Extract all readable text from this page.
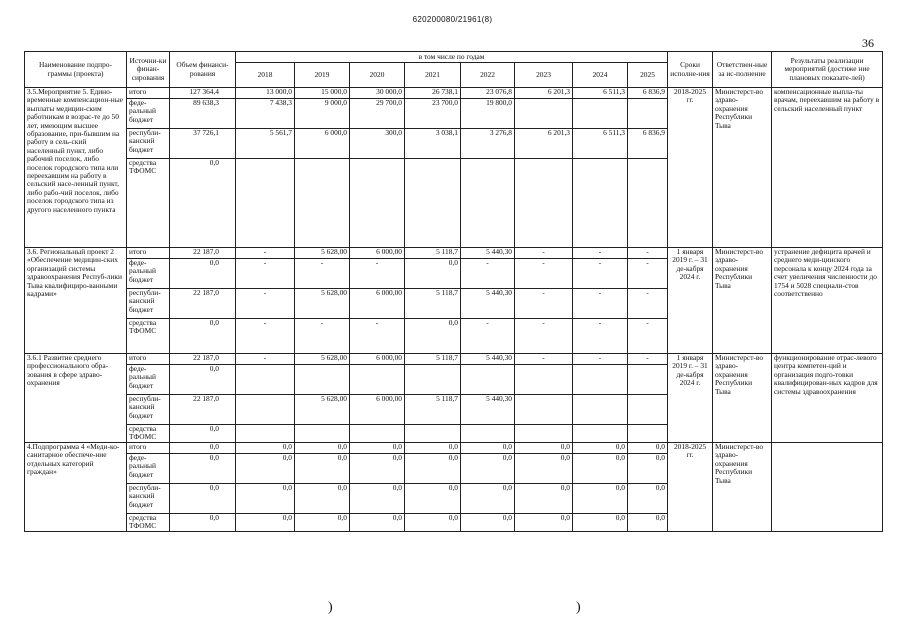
620200080/21961(8)
36
Наименование подпро-граммы (проекта)	Источни-ки финан-сирования	Объем финанси-рования	в том числе по годам								Сроки исполне-ния	Ответствен-ные за ис-полнение	Результаты реализации мероприятий (достиже ние плановых показате-лей)
			2018	2019	2020	2021	2022	2023	2024	2025			
3.5.Мероприятие 5. Едино-временные компенсацион-ные выплаты медицин-ским работникам в возрас-те до 50 лет, имеющим высшее образование, при-бывшим на работу в сель-ский населенный пункт, либо рабочий поселок, либо поселок городского типа или переехавшим на работу в сельский насе-ленный пункт, либо рабо-чий поселок, либо поселок городского типа из другого населенного пункта	итого	127 364,4	13 000,0	15 000,0	30 000,0	26 738,1	23 076,8	6 201,3	6 511,3	6 836,9	2018-2025 гг.	Министерст-во здраво-охранения Республики Тыва	компенсационные выпла-ты врачам, переехавшим на работу в сельский населенный пункт
	феде-ральный бюджет	89 638,3	7 438,3	9 000,0	29 700,0	23 700,0	19 800,0						
	республи-канский бюджет	37 726,1	5 561,7	6 000,0	300,0	3 038,1	3 276,8	6 201,3	6 511,3	6 836,9			
	средства ТФОМС	0,0											
3.6. Региональный проект 2 «Обеспечение медицин-ских организаций системы здравоохранения Респуб-лики Тыва квалифициро-ванными кадрами»	итого	22 187,0	-	5 628,00	6 000,00	5 118,7	5 440,30	-	-	-	1 января 2019 г. – 31 де-кабря 2024 г.	Министерст-во здраво-охранения Республики Тыва	устранение дефицита врачей и среднего меди-цинского персонала к концу 2024 года за счет увеличения численности до 1754 и 5028 специали-стов соответственно
	феде-ральный бюджет	0,0	-	-	-	0,0	-	-	-	-			
	республи-канский бюджет	22 187,0	-	5 628,00	6 000,00	5 118,7	5 440,30	-	-	-			
	средства ТФОМС	0,0	-	-	-	0,0	-	-	-	-			
3.6.1 Развитие среднего профессионального обра-зования в сфере здраво-охранения	итого	22 187,0	-	5 628,00	6 000,00	5 118,7	5 440,30	-	-	-	1 января 2019 г. – 31 де-кабря 2024 г.	Министерст-во здраво-охранения Республики Тыва	функционирование отрас-левого центра компетен-ций и организация подго-товки квалифицирован-ных кадров для системы здравоохранения
	феде-ральный бюджет	0,0											
	республи-канский бюджет	22 187,0		5 628,00	6 000,00	5 118,7	5 440,30						
	средства ТФОМС	0,0											
4.Подпрограмма 4 «Меди-ко-санитарное обеспече-ние отдельных категорий граждан»	итого	0,0	0,0	0,0	0,0	0,0	0,0	0,0	0,0	0,0	2018-2025 гг.	Министерст-во здраво-охранения Республики Тыва	
	феде-ральный бюджет	0,0	0,0	0,0	0,0	0,0	0,0	0,0	0,0	0,0			
	республи-канский бюджет	0,0	0,0	0,0	0,0	0,0	0,0	0,0	0,0	0,0			
	средства ТФОМС	0,0	0,0	0,0	0,0	0,0	0,0	0,0	0,0	0,0			
)	)
